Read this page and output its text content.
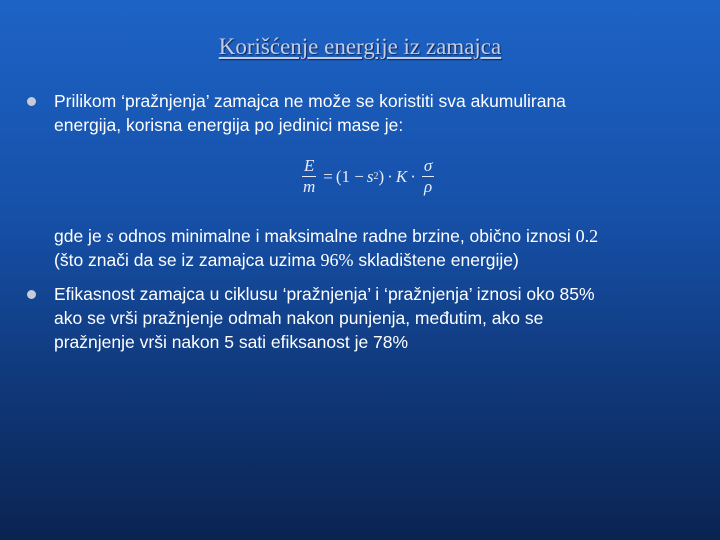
Korišćenje energije iz zamajca
Prilikom ‘pražnjenja’ zamajca ne može se koristiti sva akumulirana
energija, korisna energija po jedinici mase je:
$\frac{E}{m} = (1 - s$ 2 ) · $K \cdot \frac{\sigma}{\rho}$
gde je s odnos minimalne i maksimalne radne brzine, obično iznosi 0.2
(što znači da se iz zamajca uzima 96% skladištene energije)
Efikasnost zamajca u ciklusu ‘pražnjenja’ i ‘pražnjenja’ iznosi oko 85%
ako se vrši pražnjenje odmah nakon punjenja, međutim, ako se
pražnjenje vrši nakon 5 sati efiksanost je 78%
